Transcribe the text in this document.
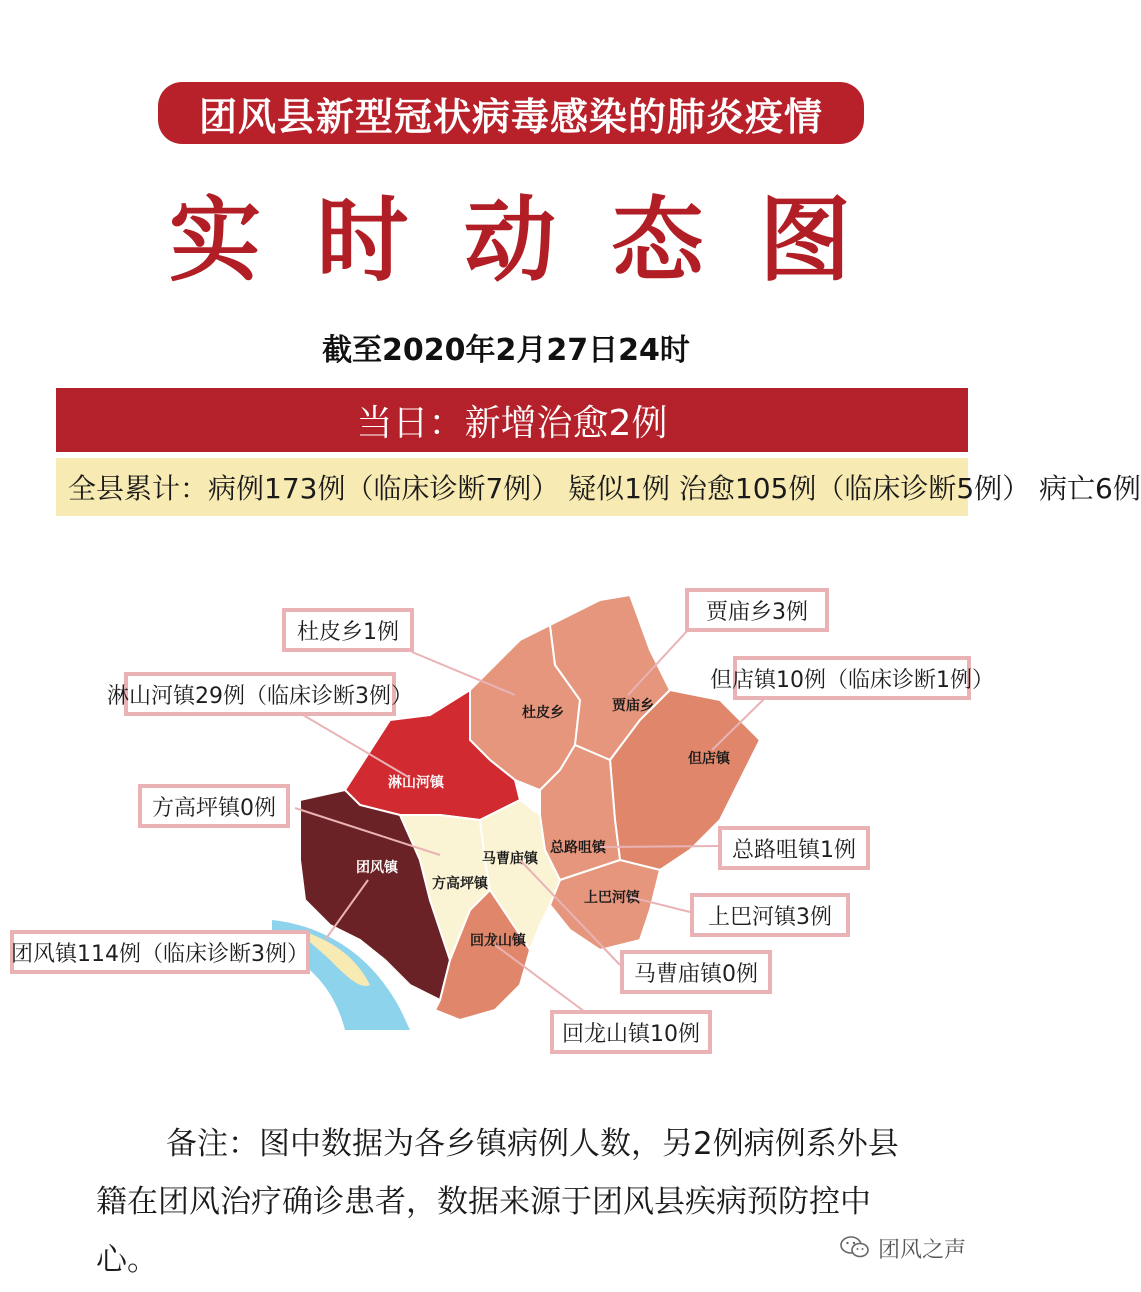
团风县新型冠状病毒感染的肺炎疫情
实 时 动 态 图
截至2020年2月27日24时
当日：新增治愈2例
全县累计：病例173例（临床诊断7例） 疑似1例 治愈105例（临床诊断5例） 病亡6例
杜皮乡	贾庙乡
但店镇
淋山河镇
方高坪镇
马曹庙镇
总路咀镇
上巴河镇
团风镇
回龙山镇
杜皮乡1例
贾庙乡3例
但店镇10例（临床诊断1例）
淋山河镇29例（临床诊断3例）
方高坪镇0例
总路咀镇1例
上巴河镇3例
团风镇114例（临床诊断3例）
马曹庙镇0例
回龙山镇10例
备注：图中数据为各乡镇病例人数，另2例病例系外县
籍在团风治疗确诊患者，数据来源于团风县疾病预防控中
心。	团风之声
